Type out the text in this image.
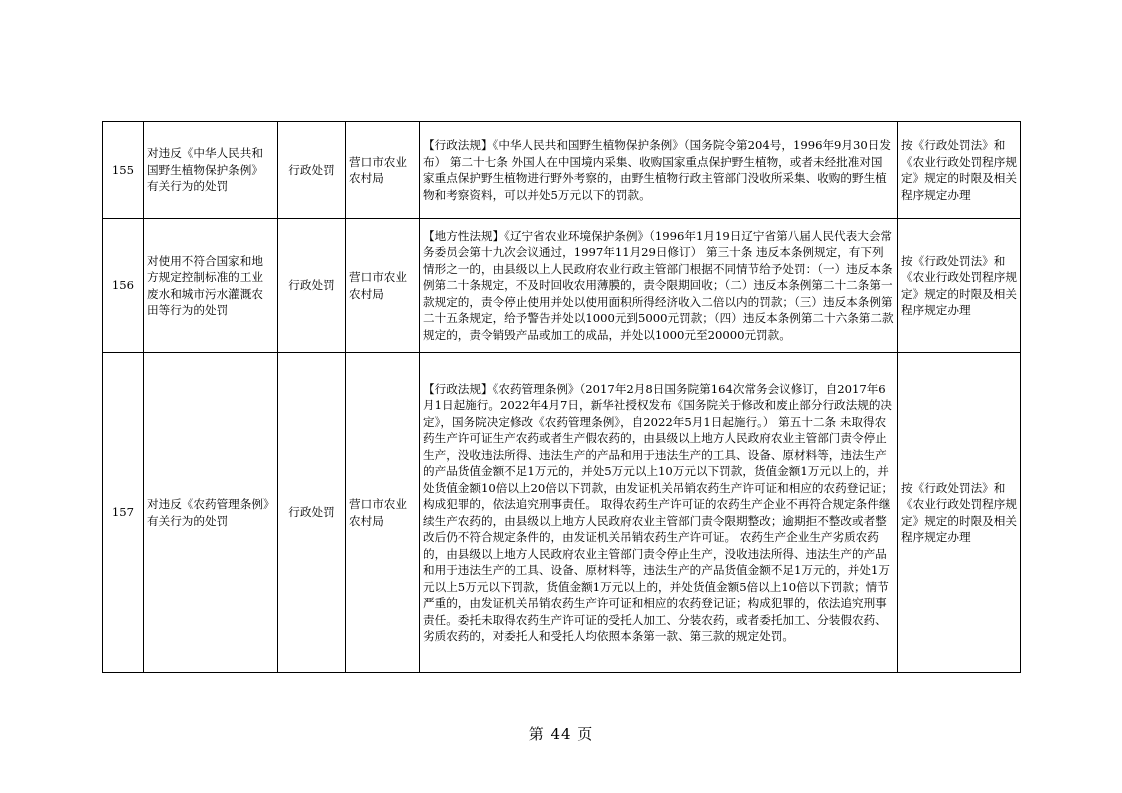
155	对违反《中华人民共和国野生植物保护条例》有关行为的处罚	行政处罚	营口市农业农村局	【行政法规】《中华人民共和国野生植物保护条例》（国务院令第204号，1996年9月30日发布） 第二十七条 外国人在中国境内采集、收购国家重点保护野生植物，或者未经批准对国家重点保护野生植物进行野外考察的，由野生植物行政主管部门没收所采集、收购的野生植物和考察资料，可以并处5万元以下的罚款。	按《行政处罚法》和《农业行政处罚程序规定》规定的时限及相关程序规定办理
156	对使用不符合国家和地方规定控制标准的工业废水和城市污水灌溉农田等行为的处罚	行政处罚	营口市农业农村局	【地方性法规】《辽宁省农业环境保护条例》（1996年1月19日辽宁省第八届人民代表大会常务委员会第十九次会议通过，1997年11月29日修订） 第三十条 违反本条例规定，有下列情形之一的，由县级以上人民政府农业行政主管部门根据不同情节给予处罚：（一）违反本条例第二十条规定，不及时回收农用薄膜的，责令限期回收；（二）违反本条例第二十二条第一款规定的，责令停止使用并处以使用面积所得经济收入二倍以内的罚款；（三）违反本条例第二十五条规定，给予警告并处以1000元到5000元罚款；（四）违反本条例第二十六条第二款规定的，责令销毁产品或加工的成品，并处以1000元至20000元罚款。	按《行政处罚法》和《农业行政处罚程序规定》规定的时限及相关程序规定办理
157	对违反《农药管理条例》有关行为的处罚	行政处罚	营口市农业农村局	【行政法规】《农药管理条例》（2017年2月8日国务院第164次常务会议修订，自2017年6月1日起施行。2022年4月7日，新华社授权发布《国务院关于修改和废止部分行政法规的决定》，国务院决定修改《农药管理条例》，自2022年5月1日起施行。） 第五十二条 未取得农药生产许可证生产农药或者生产假农药的，由县级以上地方人民政府农业主管部门责令停止生产，没收违法所得、违法生产的产品和用于违法生产的工具、设备、原材料等，违法生产的产品货值金额不足1万元的，并处5万元以上10万元以下罚款，货值金额1万元以上的，并处货值金额10倍以上20倍以下罚款，由发证机关吊销农药生产许可证和相应的农药登记证；构成犯罪的，依法追究刑事责任。 取得农药生产许可证的农药生产企业不再符合规定条件继续生产农药的，由县级以上地方人民政府农业主管部门责令限期整改；逾期拒不整改或者整改后仍不符合规定条件的，由发证机关吊销农药生产许可证。 农药生产企业生产劣质农药的，由县级以上地方人民政府农业主管部门责令停止生产，没收违法所得、违法生产的产品和用于违法生产的工具、设备、原材料等，违法生产的产品货值金额不足1万元的，并处1万元以上5万元以下罚款，货值金额1万元以上的，并处货值金额5倍以上10倍以下罚款；情节严重的，由发证机关吊销农药生产许可证和相应的农药登记证；构成犯罪的，依法追究刑事责任。委托未取得农药生产许可证的受托人加工、分装农药，或者委托加工、分装假农药、劣质农药的，对委托人和受托人均依照本条第一款、第三款的规定处罚。	按《行政处罚法》和《农业行政处罚程序规定》规定的时限及相关程序规定办理
第 44 页
